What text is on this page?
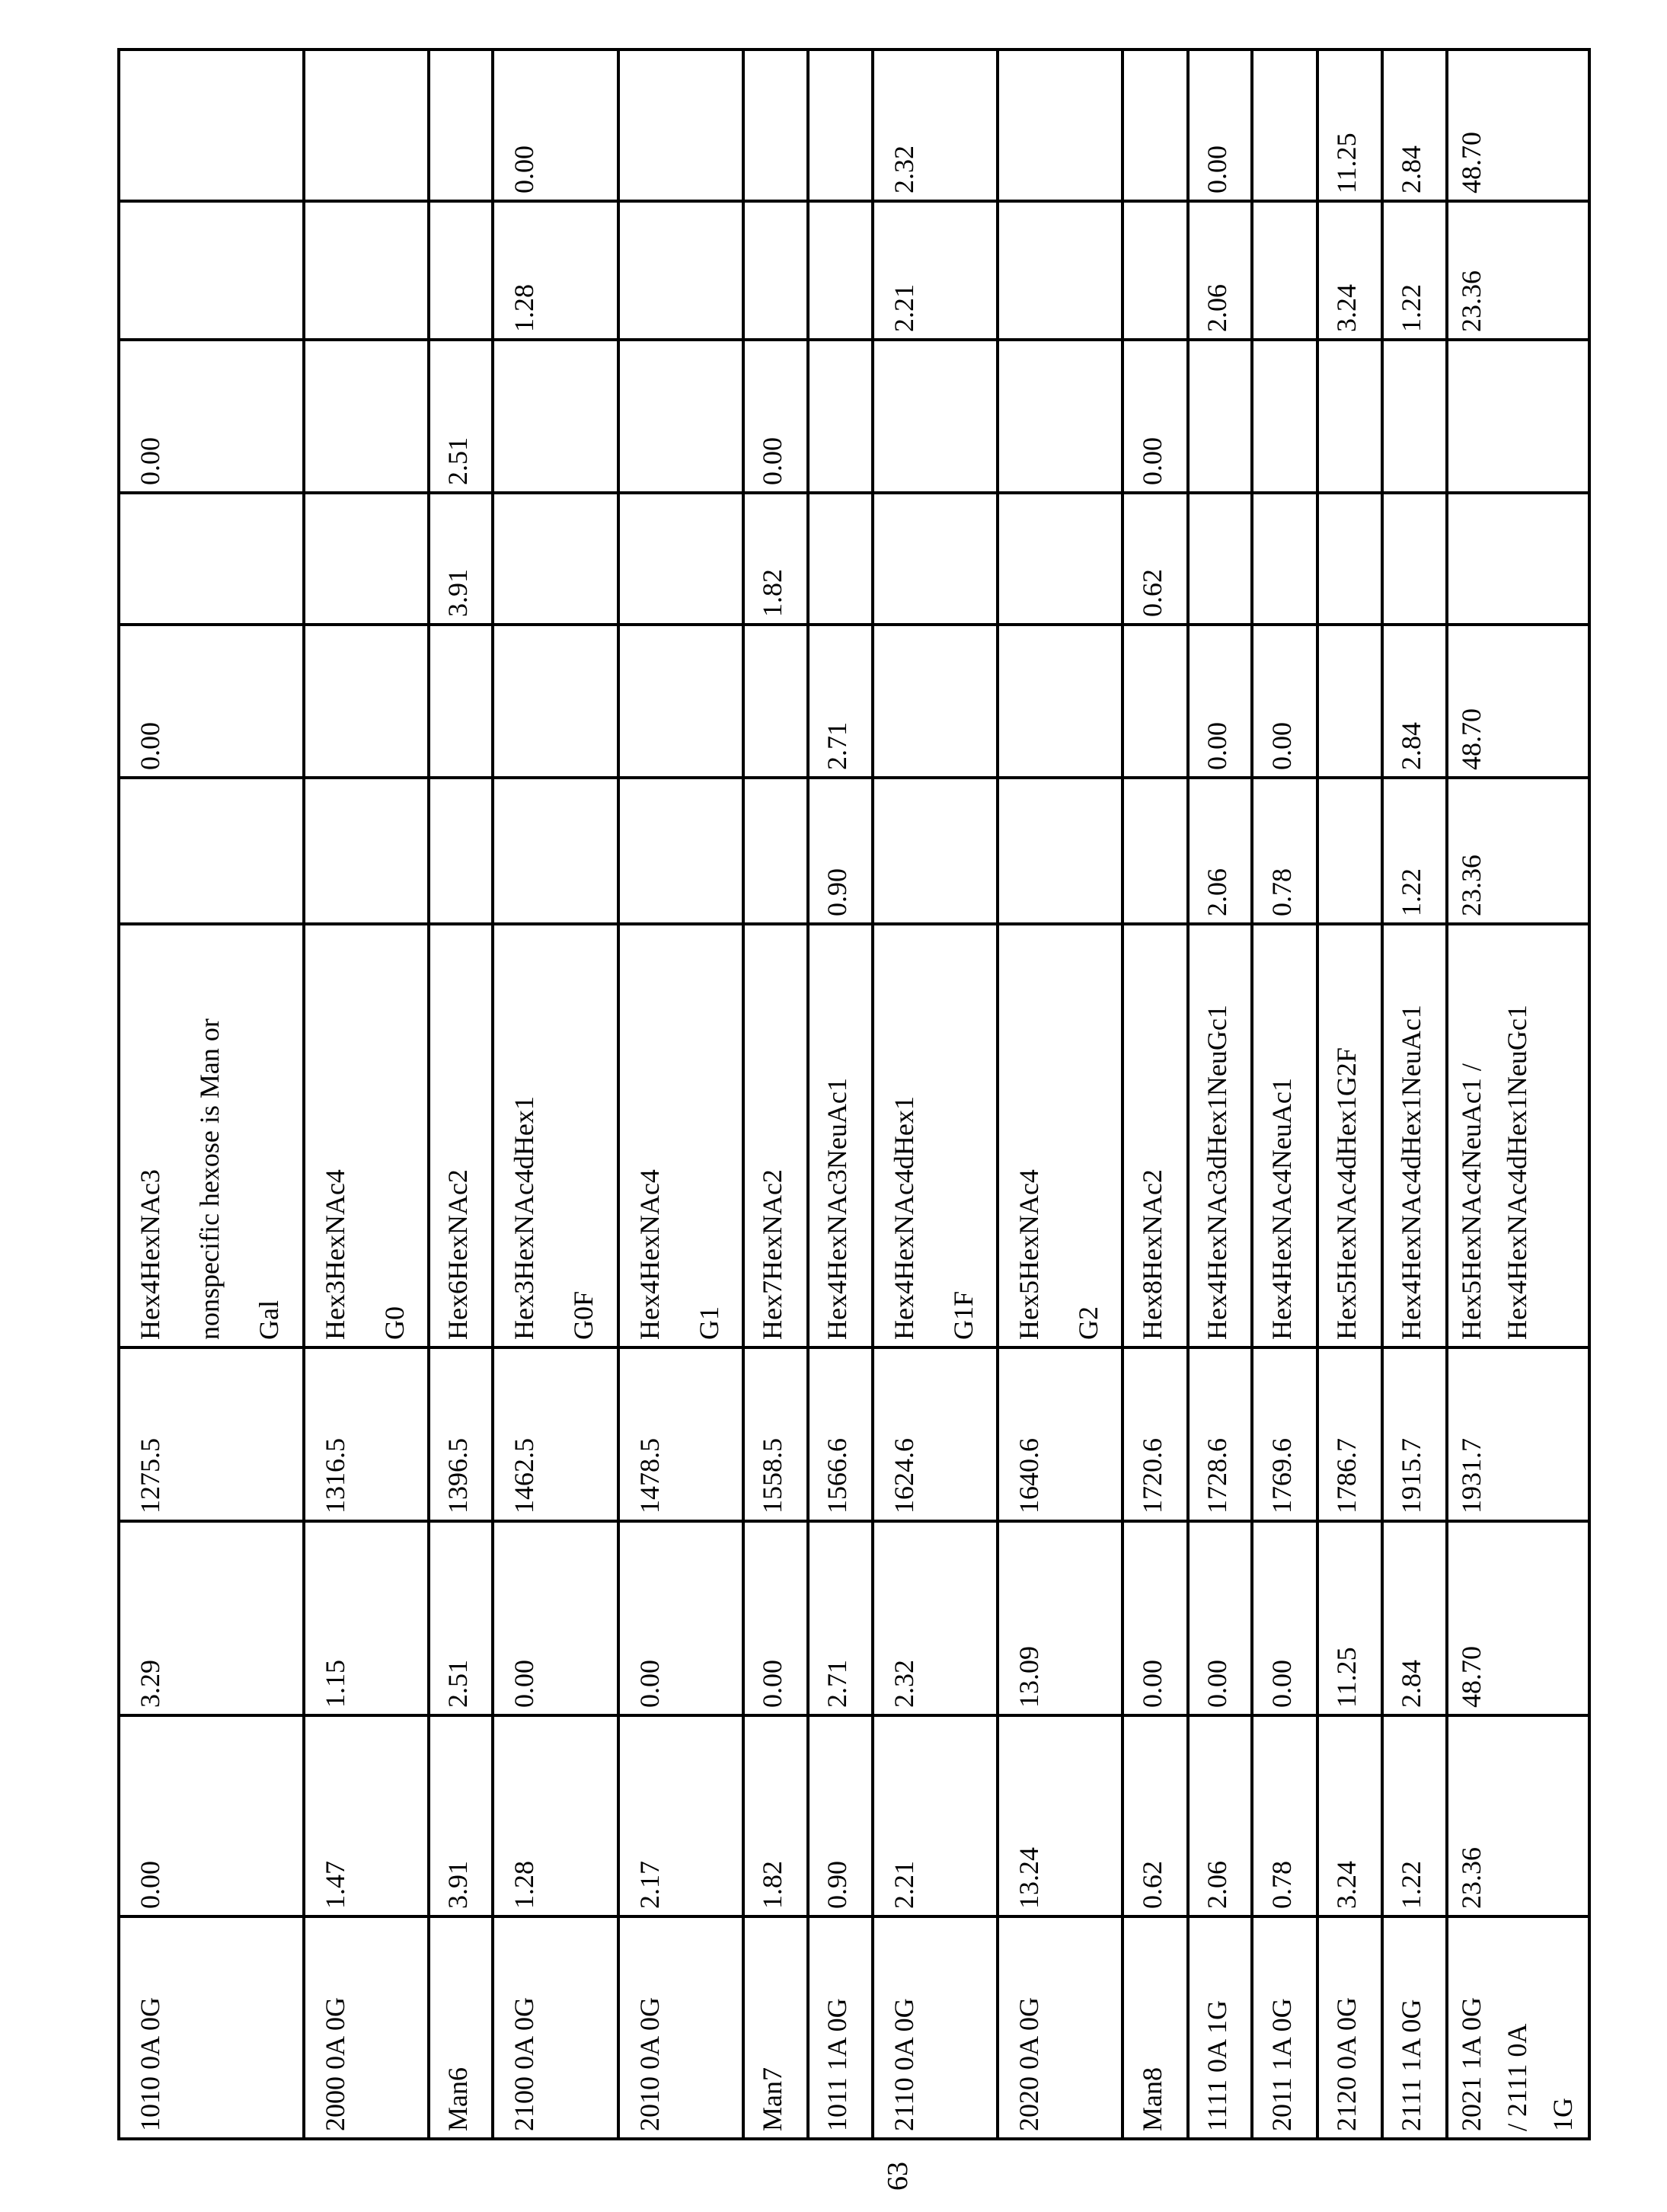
1010 0A 0G	0.00	3.29	1275.5	Hex4HexNAc3
nonspecific hexose is Man or
Gal		0.00		0.00		
2000 0A 0G	1.47	1.15	1316.5	Hex3HexNAc4
G0						
Man6	3.91	2.51	1396.5	Hex6HexNAc2			3.91	2.51		
2100 0A 0G	1.28	0.00	1462.5	Hex3HexNAc4dHex1
G0F					1.28	0.00
2010 0A 0G	2.17	0.00	1478.5	Hex4HexNAc4
G1						
Man7	1.82	0.00	1558.5	Hex7HexNAc2			1.82	0.00		
1011 1A 0G	0.90	2.71	1566.6	Hex4HexNAc3NeuAc1	0.90	2.71				
2110 0A 0G	2.21	2.32	1624.6	Hex4HexNAc4dHex1
G1F					2.21	2.32
2020 0A 0G	13.24	13.09	1640.6	Hex5HexNAc4
G2						
Man8	0.62	0.00	1720.6	Hex8HexNAc2			0.62	0.00		
1111 0A 1G	2.06	0.00	1728.6	Hex4HexNAc3dHex1NeuGc1	2.06	0.00			2.06	0.00
2011 1A 0G	0.78	0.00	1769.6	Hex4HexNAc4NeuAc1	0.78	0.00				
2120 0A 0G	3.24	11.25	1786.7	Hex5HexNAc4dHex1G2F					3.24	11.25
2111 1A 0G	1.22	2.84	1915.7	Hex4HexNAc4dHex1NeuAc1	1.22	2.84			1.22	2.84
2021 1A 0G
/ 2111 0A
1G	23.36	48.70	1931.7	Hex5HexNAc4NeuAc1 /
Hex4HexNAc4dHex1NeuGc1	23.36	48.70			23.36	48.70
63
